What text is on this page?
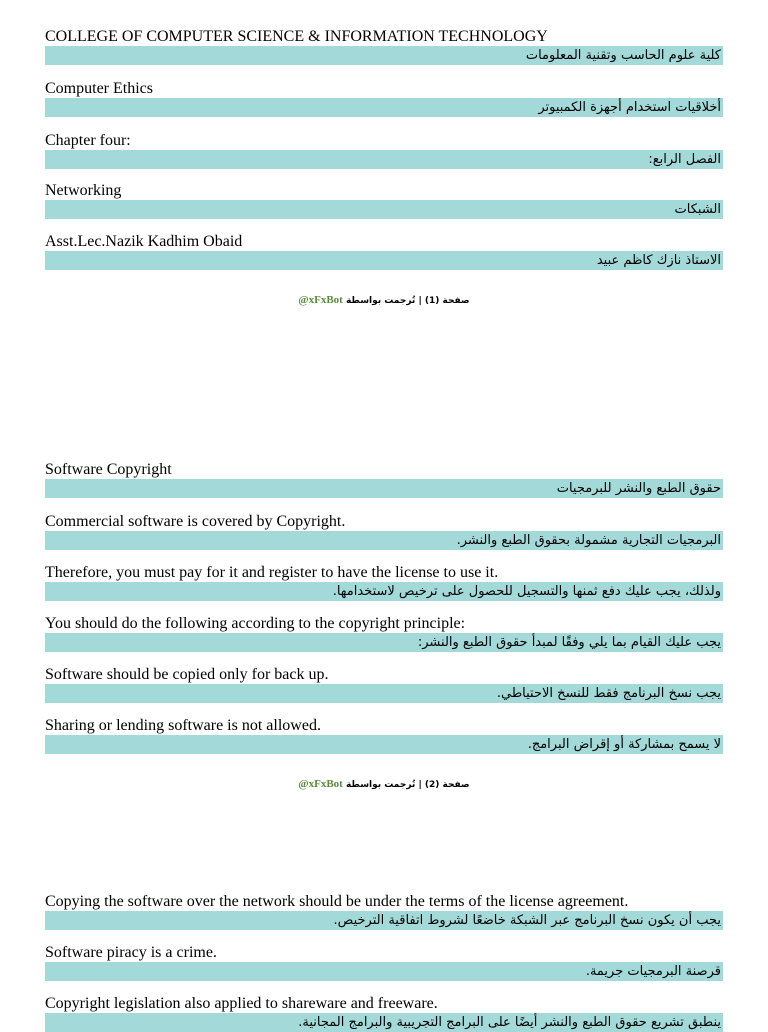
COLLEGE OF COMPUTER SCIENCE & INFORMATION TECHNOLOGY
كلية علوم الحاسب وتقنية المعلومات
Computer Ethics
أخلاقيات استخدام أجهزة الكمبيوتر
Chapter four:
الفصل الرابع:
Networking
الشبكات
Asst.Lec.Nazik Kadhim Obaid
الاستاذ نازك كاظم عبيد
@xFxBot صفحة (1) | تُرجمت بواسطة
Software Copyright
حقوق الطبع والنشر للبرمجيات
Commercial software is covered by Copyright.
البرمجيات التجارية مشمولة بحقوق الطبع والنشر.
Therefore, you must pay for it and register to have the license to use it.
ولذلك، يجب عليك دفع ثمنها والتسجيل للحصول على ترخيص لاستخدامها.
You should do the following according to the copyright principle:
يجب عليك القيام بما يلي وفقًا لمبدأ حقوق الطبع والنشر:
Software should be copied only for back up.
يجب نسخ البرنامج فقط للنسخ الاحتياطي.
Sharing or lending software is not allowed.
لا يسمح بمشاركة أو إقراض البرامج.
@xFxBot صفحة (2) | تُرجمت بواسطة
Copying the software over the network should be under the terms of the license agreement.
يجب أن يكون نسخ البرنامج عبر الشبكة خاضعًا لشروط اتفاقية الترخيص.
Software piracy is a crime.
قرصنة البرمجيات جريمة.
Copyright legislation also applied to shareware and freeware.
ينطبق تشريع حقوق الطبع والنشر أيضًا على البرامج التجريبية والبرامج المجانية.
